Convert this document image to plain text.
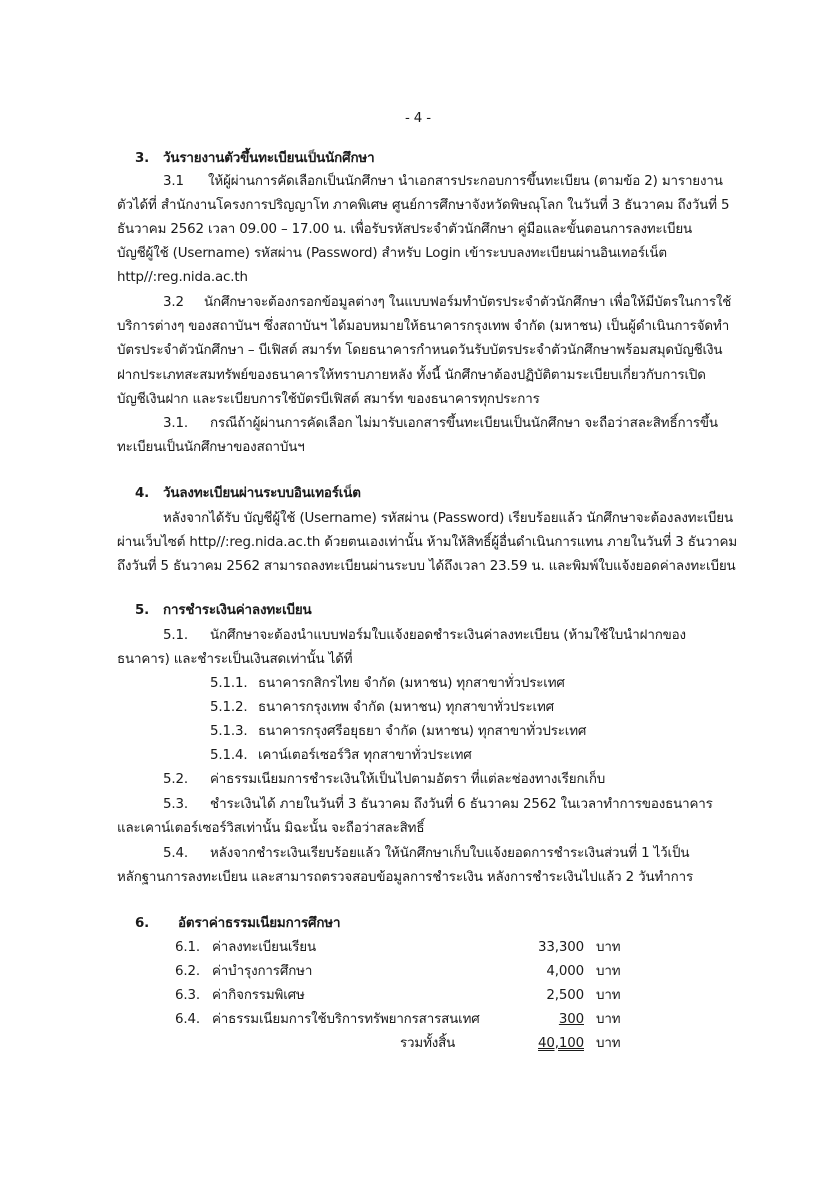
- 4 -
3. วันรายงานตัวขึ้นทะเบียนเป็นนักศึกษา
3.1 ให้ผู้ผ่านการคัดเลือกเป็นนักศึกษา นำเอกสารประกอบการขึ้นทะเบียน (ตามข้อ 2) มารายงาน
ตัวได้ที่ สำนักงานโครงการปริญญาโท ภาคพิเศษ ศูนย์การศึกษาจังหวัดพิษณุโลก ในวันที่ 3 ธันวาคม ถึงวันที่ 5
ธันวาคม 2562 เวลา 09.00 – 17.00 น. เพื่อรับรหัสประจำตัวนักศึกษา คู่มือและขั้นตอนการลงทะเบียน
บัญชีผู้ใช้ (Username) รหัสผ่าน (Password) สำหรับ Login เข้าระบบลงทะเบียนผ่านอินเทอร์เน็ต
http//:reg.nida.ac.th
3.2 นักศึกษาจะต้องกรอกข้อมูลต่างๆ ในแบบฟอร์มทำบัตรประจำตัวนักศึกษา เพื่อให้มีบัตรในการใช้
บริการต่างๆ ของสถาบันฯ ซึ่งสถาบันฯ ได้มอบหมายให้ธนาคารกรุงเทพ จำกัด (มหาชน) เป็นผู้ดำเนินการจัดทำ
บัตรประจำตัวนักศึกษา – บีเฟิสต์ สมาร์ท โดยธนาคารกำหนดวันรับบัตรประจำตัวนักศึกษาพร้อมสมุดบัญชีเงิน
ฝากประเภทสะสมทรัพย์ของธนาคารให้ทราบภายหลัง ทั้งนี้ นักศึกษาต้องปฏิบัติตามระเบียบเกี่ยวกับการเปิด
บัญชีเงินฝาก และระเบียบการใช้บัตรบีเฟิสต์ สมาร์ท ของธนาคารทุกประการ
3.1. กรณีถ้าผู้ผ่านการคัดเลือก ไม่มารับเอกสารขึ้นทะเบียนเป็นนักศึกษา จะถือว่าสละสิทธิ์การขึ้น
ทะเบียนเป็นนักศึกษาของสถาบันฯ
4. วันลงทะเบียนผ่านระบบอินเทอร์เน็ต
หลังจากได้รับ บัญชีผู้ใช้ (Username) รหัสผ่าน (Password) เรียบร้อยแล้ว นักศึกษาจะต้องลงทะเบียน
ผ่านเว็บไซต์ http//:reg.nida.ac.th ด้วยตนเองเท่านั้น ห้ามให้สิทธิ์ผู้อื่นดำเนินการแทน ภายในวันที่ 3 ธันวาคม
ถึงวันที่ 5 ธันวาคม 2562 สามารถลงทะเบียนผ่านระบบ ได้ถึงเวลา 23.59 น. และพิมพ์ใบแจ้งยอดค่าลงทะเบียน
5. การชำระเงินค่าลงทะเบียน
5.1. นักศึกษาจะต้องนำแบบฟอร์มใบแจ้งยอดชำระเงินค่าลงทะเบียน (ห้ามใช้ใบนำฝากของ
ธนาคาร) และชำระเป็นเงินสดเท่านั้น ได้ที่
5.1.1. ธนาคารกสิกรไทย จำกัด (มหาชน) ทุกสาขาทั่วประเทศ
5.1.2. ธนาคารกรุงเทพ จำกัด (มหาชน) ทุกสาขาทั่วประเทศ
5.1.3. ธนาคารกรุงศรีอยุธยา จำกัด (มหาชน) ทุกสาขาทั่วประเทศ
5.1.4. เคาน์เตอร์เซอร์วิส ทุกสาขาทั่วประเทศ
5.2. ค่าธรรมเนียมการชำระเงินให้เป็นไปตามอัตรา ที่แต่ละช่องทางเรียกเก็บ
5.3. ชำระเงินได้ ภายในวันที่ 3 ธันวาคม ถึงวันที่ 6 ธันวาคม 2562 ในเวลาทำการของธนาคาร
และเคาน์เตอร์เซอร์วิสเท่านั้น มิฉะนั้น จะถือว่าสละสิทธิ์
5.4. หลังจากชำระเงินเรียบร้อยแล้ว ให้นักศึกษาเก็บใบแจ้งยอดการชำระเงินส่วนที่ 1 ไว้เป็น
หลักฐานการลงทะเบียน และสามารถตรวจสอบข้อมูลการชำระเงิน หลังการชำระเงินไปแล้ว 2 วันทำการ
6. อัตราค่าธรรมเนียมการศึกษา
6.1. ค่าลงทะเบียนเรียน	33,300 บาท
6.2. ค่าบำรุงการศึกษา	4,000 บาท
6.3. ค่ากิจกรรมพิเศษ	2,500 บาท
6.4. ค่าธรรมเนียมการใช้บริการทรัพยากรสารสนเทศ	300 บาท
รวมทั้งสิ้น	40,100 บาท
